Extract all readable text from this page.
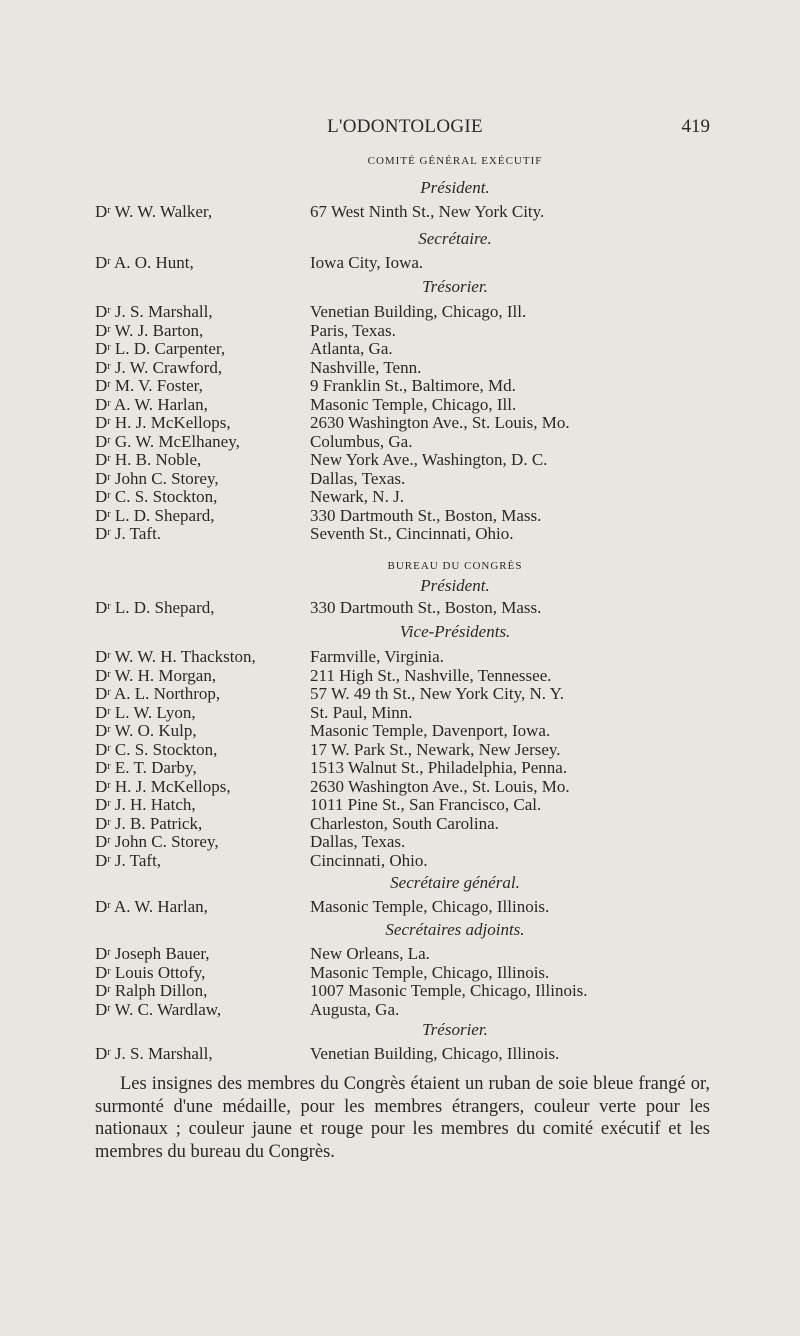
L'ODONTOLOGIE	419
COMITÉ GÉNÉRAL EXÉCUTIF
Président.
$D^r$ W. W. Walker,	67 West Ninth St., New York City.
Secrétaire.
$D^r$ A. O. Hunt,	Iowa City, Iowa.
Trésorier.
$D^r$ J. S. Marshall,	Venetian Building, Chicago, Ill.
$D^r$ W. J. Barton,	Paris, Texas.
$D^r$ L. D. Carpenter,	Atlanta, Ga.
$D^r$ J. W. Crawford,	Nashville, Tenn.
$D^r$ M. V. Foster,	9 Franklin St., Baltimore, Md.
$D^r$ A. W. Harlan,	Masonic Temple, Chicago, Ill.
$D^r$ H. J. McKellops,	2630 Washington Ave., St. Louis, Mo.
$D^r$ G. W. McElhaney,	Columbus, Ga.
$D^r$ H. B. Noble,	New York Ave., Washington, D. C.
$D^r$ John C. Storey,	Dallas, Texas.
$D^r$ C. S. Stockton,	Newark, N. J.
$D^r$ L. D. Shepard,	330 Dartmouth St., Boston, Mass.
$D^r$ J. Taft.	Seventh St., Cincinnati, Ohio.
BUREAU DU CONGRÈS
Président.
$D^r$ L. D. Shepard,	330 Dartmouth St., Boston, Mass.
Vice-Présidents.
$D^r$ W. W. H. Thackston,	Farmville, Virginia.
$D^r$ W. H. Morgan,	211 High St., Nashville, Tennessee.
$D^r$ A. L. Northrop,	57 W. 49 th St., New York City, N. Y.
$D^r$ L. W. Lyon,	St. Paul, Minn.
$D^r$ W. O. Kulp,	Masonic Temple, Davenport, Iowa.
$D^r$ C. S. Stockton,	17 W. Park St., Newark, New Jersey.
$D^r$ E. T. Darby,	1513 Walnut St., Philadelphia, Penna.
$D^r$ H. J. McKellops,	2630 Washington Ave., St. Louis, Mo.
$D^r$ J. H. Hatch,	1011 Pine St., San Francisco, Cal.
$D^r$ J. B. Patrick,	Charleston, South Carolina.
$D^r$ John C. Storey,	Dallas, Texas.
$D^r$ J. Taft,	Cincinnati, Ohio.
Secrétaire général.
$D^r$ A. W. Harlan,	Masonic Temple, Chicago, Illinois.
Secrétaires adjoints.
$D^r$ Joseph Bauer,	New Orleans, La.
$D^r$ Louis Ottofy,	Masonic Temple, Chicago, Illinois.
$D^r$ Ralph Dillon,	1007 Masonic Temple, Chicago, Illinois.
$D^r$ W. C. Wardlaw,	Augusta, Ga.
Trésorier.
$D^r$ J. S. Marshall,	Venetian Building, Chicago, Illinois.
Les insignes des membres du Congrès étaient un ruban de soie bleue frangé or, surmonté d'une médaille, pour les membres étrangers, couleur verte pour les nationaux ; couleur jaune et rouge pour les membres du comité exécutif et les membres du bureau du Congrès.
